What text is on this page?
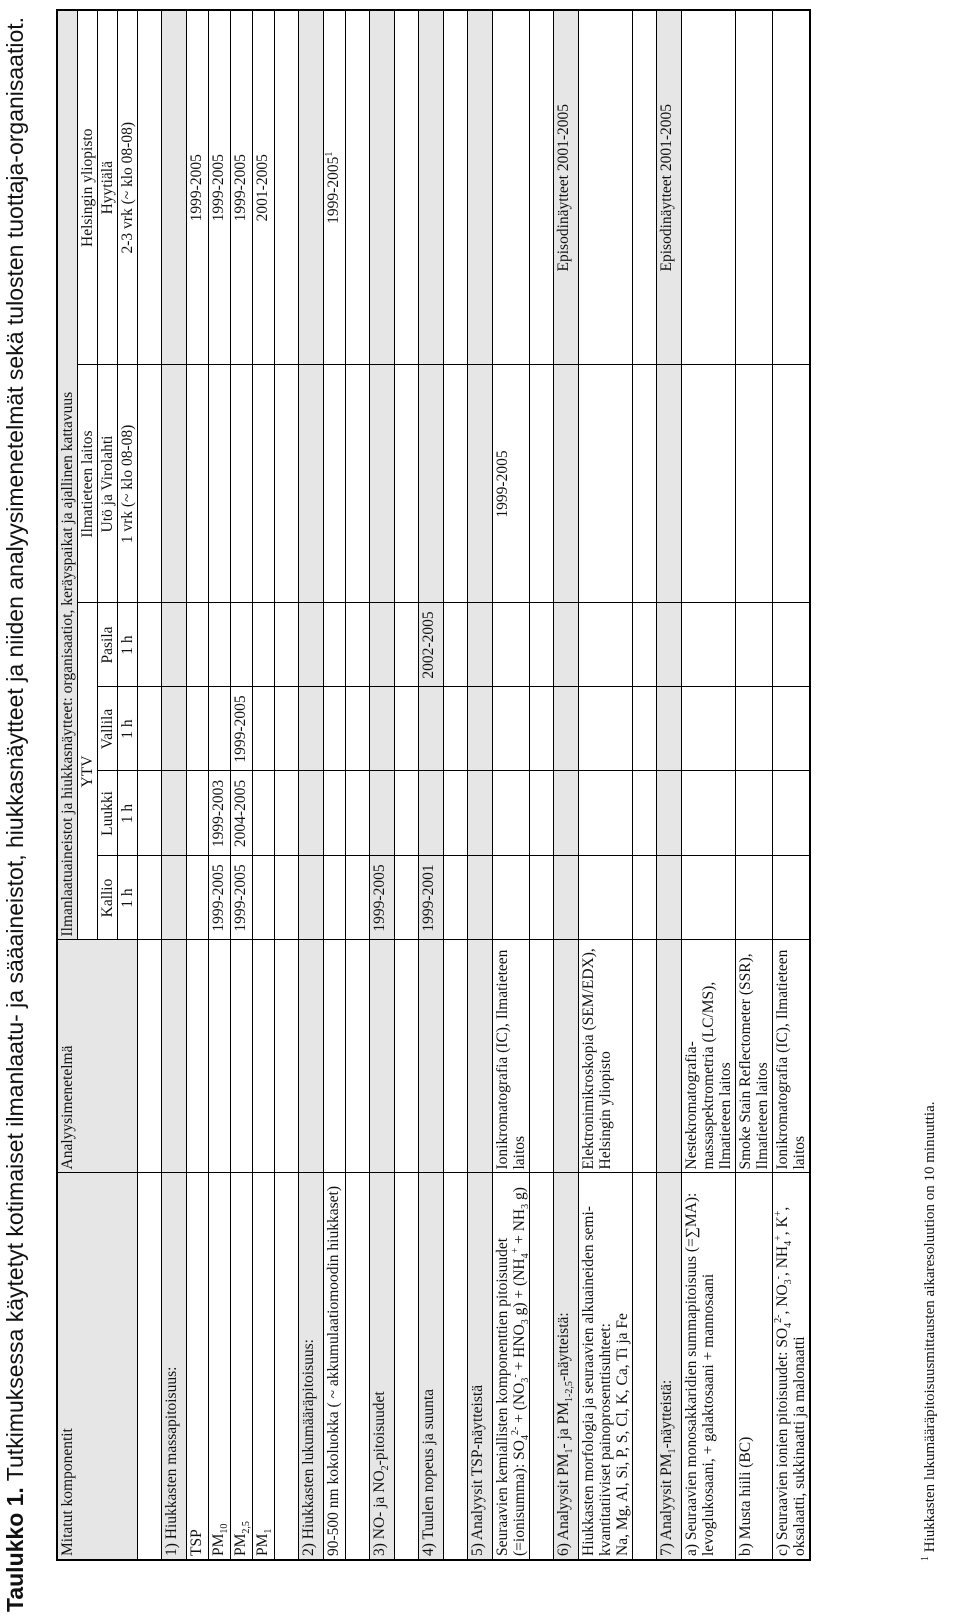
Taulukko 1. Tutkimuksessa käytetyt kotimaiset ilmanlaatu- ja sääaineistot, hiukkasnäytteet ja niiden analyysimenetelmät sekä tulosten tuottaja-organisaatiot.
Mitatut komponentit	Analyysimenetelmä	Ilmanlaatuaineistot ja hiukkasnäytteet: organisaatiot, keräyspaikat ja ajallinen kattavuus					
		YTV				Ilmatieteen laitos	Helsingin yliopisto
		Kallio	Luukki	Vallila	Pasila	Utö ja Virolahti	Hyytiälä
		1 h	1 h	1 h	1 h	1 vrk (~ klo 08-08)	2-3 vrk (~ klo 08-08)

1) Hiukkasten massapitoisuus:							
TSP							1999-2005
$PM_{10}$		1999-2005	1999-2003				1999-2005
$PM_{2,5}$		1999-2005	2004-2005	1999-2005			1999-2005
$PM_1$							2001-2005

2) Hiukkasten lukumääräpitoisuus:							
90-500 nm kokoluokka ( ~ akkumulaatiomoodin hiukkaset)							1999-2005$^1$

3) NO- ja $NO_2$-pitoisuudet		1999-2005					

4) Tuulen nopeus ja suunta		1999-2001			2002-2005		

5) Analyysit TSP-näytteistä							
Seuraavien kemiallisten komponenttien pitoisuudet (=ionisumma): $SO_4^{2-} + (NO_3^- + HNO_3$ $g) + (NH_4^+ + NH_3$ g)	Ionikromatografia (IC), Ilmatieteen laitos					1999-2005	

6) Analyysit $PM_1-$ ja $PM_{1-2,5}$-näytteistä:							Episodinäytteet 2001-2005
Hiukkasten morfologia ja seuraavien alkuaineiden semi-kvantitatiiviset painoprosenttisuhteet:
Na, Mg, Al, Si, P, S, Cl, K, Ca, Ti ja Fe	Elektronimikroskopia (SEM/EDX), Helsingin yliopisto						

7) Analyysit $PM_1$-näytteistä:							Episodinäytteet 2001-2005
a) Seuraavien monosakkaridien summapitoisuus (=∑MA): levoglukosaani, + galaktosaani + mannosaani	Nestekromatografia-massaspektrometria (LC/MS), Ilmatieteen laitos						
b) Musta hiili (BC)	Smoke Stain Reflectometer (SSR), Ilmatieteen laitos						
c) Seuraavien ionien pitoisuudet: $SO_4^{2-}$, $NO_3^-$, $NH_4^+$, K+, oksalaatti, sukkinaatti ja malonaatti	Ionikromatografia (IC), Ilmatieteen laitos						
$^1$ Hiukkasten lukumääräpitoisuusmittausten aikaresoluution on 10 minuuttia.
